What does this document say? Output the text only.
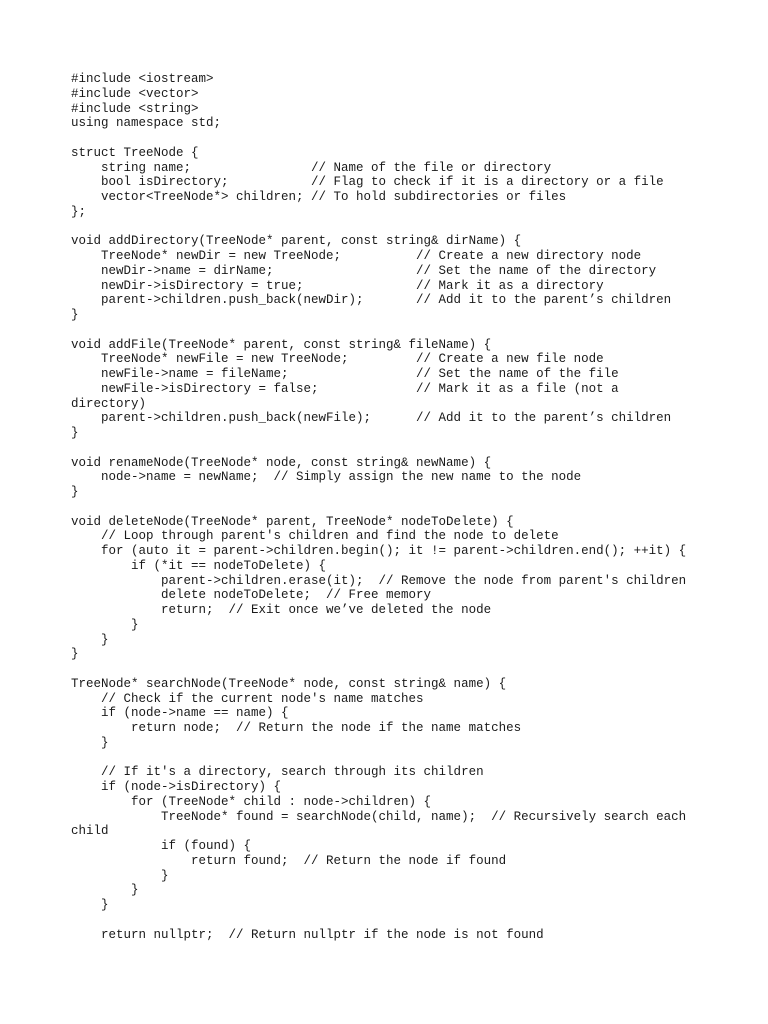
#include <iostream>
#include <vector>
#include <string>
using namespace std;
struct TreeNode {
string name;                // Name of the file or directory
bool isDirectory;           // Flag to check if it is a directory or a file
vector<TreeNode*> children; // To hold subdirectories or files
};
void addDirectory(TreeNode* parent, const string& dirName) {
TreeNode* newDir = new TreeNode;          // Create a new directory node
newDir->name = dirName;                   // Set the name of the directory
newDir->isDirectory = true;               // Mark it as a directory
parent->children.push_back(newDir);       // Add it to the parent’s children
}
void addFile(TreeNode* parent, const string& fileName) {
TreeNode* newFile = new TreeNode;         // Create a new file node
newFile->name = fileName;                 // Set the name of the file
newFile->isDirectory = false;             // Mark it as a file (not a
directory)
parent->children.push_back(newFile);      // Add it to the parent’s children
}
void renameNode(TreeNode* node, const string& newName) {
node->name = newName;  // Simply assign the new name to the node
}
void deleteNode(TreeNode* parent, TreeNode* nodeToDelete) {
// Loop through parent's children and find the node to delete
for (auto it = parent->children.begin(); it != parent->children.end(); ++it) {
if (*it == nodeToDelete) {
parent->children.erase(it);  // Remove the node from parent's children
delete nodeToDelete;  // Free memory
return;  // Exit once we’ve deleted the node
}
}
}
TreeNode* searchNode(TreeNode* node, const string& name) {
// Check if the current node's name matches
if (node->name == name) {
return node;  // Return the node if the name matches
}
// If it's a directory, search through its children
if (node->isDirectory) {
for (TreeNode* child : node->children) {
TreeNode* found = searchNode(child, name);  // Recursively search each
child
if (found) {
return found;  // Return the node if found
}
}
}
return nullptr;  // Return nullptr if the node is not found
